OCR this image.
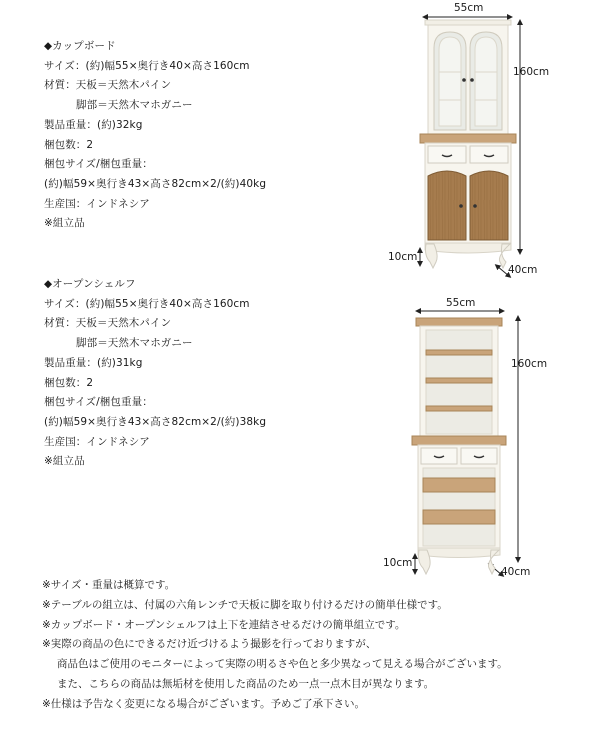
◆カップボード
サイズ：(約)幅55×奥行き40×高さ160cm
材質：天板＝天然木パイン
脚部＝天然木マホガニー
製品重量：(約)32kg
梱包数：2
梱包サイズ/梱包重量：
(約)幅59×奥行き43×高さ82cm×2/(約)40kg
生産国：インドネシア
※組立品
◆オープンシェルフ
サイズ：(約)幅55×奥行き40×高さ160cm
材質：天板＝天然木パイン
脚部＝天然木マホガニー
製品重量：(約)31kg
梱包数：2
梱包サイズ/梱包重量：
(約)幅59×奥行き43×高さ82cm×2/(約)38kg
生産国：インドネシア
※組立品
55cm
160cm
10cm
40cm
55cm
160cm
10cm
40cm
※サイズ・重量は概算です。
※テーブルの組立は、付属の六角レンチで天板に脚を取り付けるだけの簡単仕様です。
※カップボード・オープンシェルフは上下を連結させるだけの簡単組立です。
※実際の商品の色にできるだけ近づけるよう撮影を行っておりますが、
商品色はご使用のモニターによって実際の明るさや色と多少異なって見える場合がございます。
また、こちらの商品は無垢材を使用した商品のため一点一点木目が異なります。
※仕様は予告なく変更になる場合がございます。予めご了承下さい。
